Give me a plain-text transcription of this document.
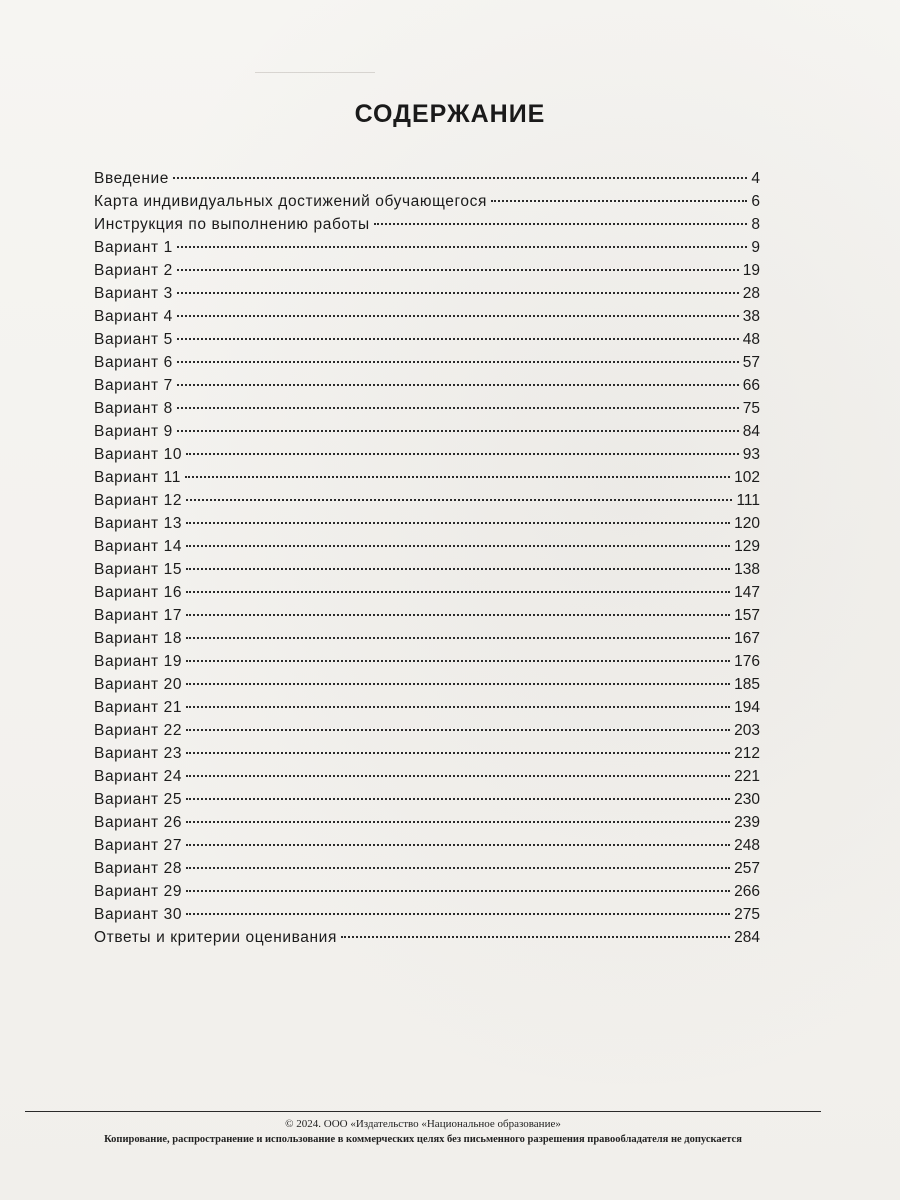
СОДЕРЖАНИЕ
Введение	4
Карта индивидуальных достижений обучающегося	6
Инструкция по выполнению работы	8
Вариант 1	9
Вариант 2	19
Вариант 3	28
Вариант 4	38
Вариант 5	48
Вариант 6	57
Вариант 7	66
Вариант 8	75
Вариант 9	84
Вариант 10	93
Вариант 11	102
Вариант 12	111
Вариант 13	120
Вариант 14	129
Вариант 15	138
Вариант 16	147
Вариант 17	157
Вариант 18	167
Вариант 19	176
Вариант 20	185
Вариант 21	194
Вариант 22	203
Вариант 23	212
Вариант 24	221
Вариант 25	230
Вариант 26	239
Вариант 27	248
Вариант 28	257
Вариант 29	266
Вариант 30	275
Ответы и критерии оценивания	284
© 2024. ООО «Издательство «Национальное образование»
Копирование, распространение и использование в коммерческих целях без письменного разрешения правообладателя не допускается
